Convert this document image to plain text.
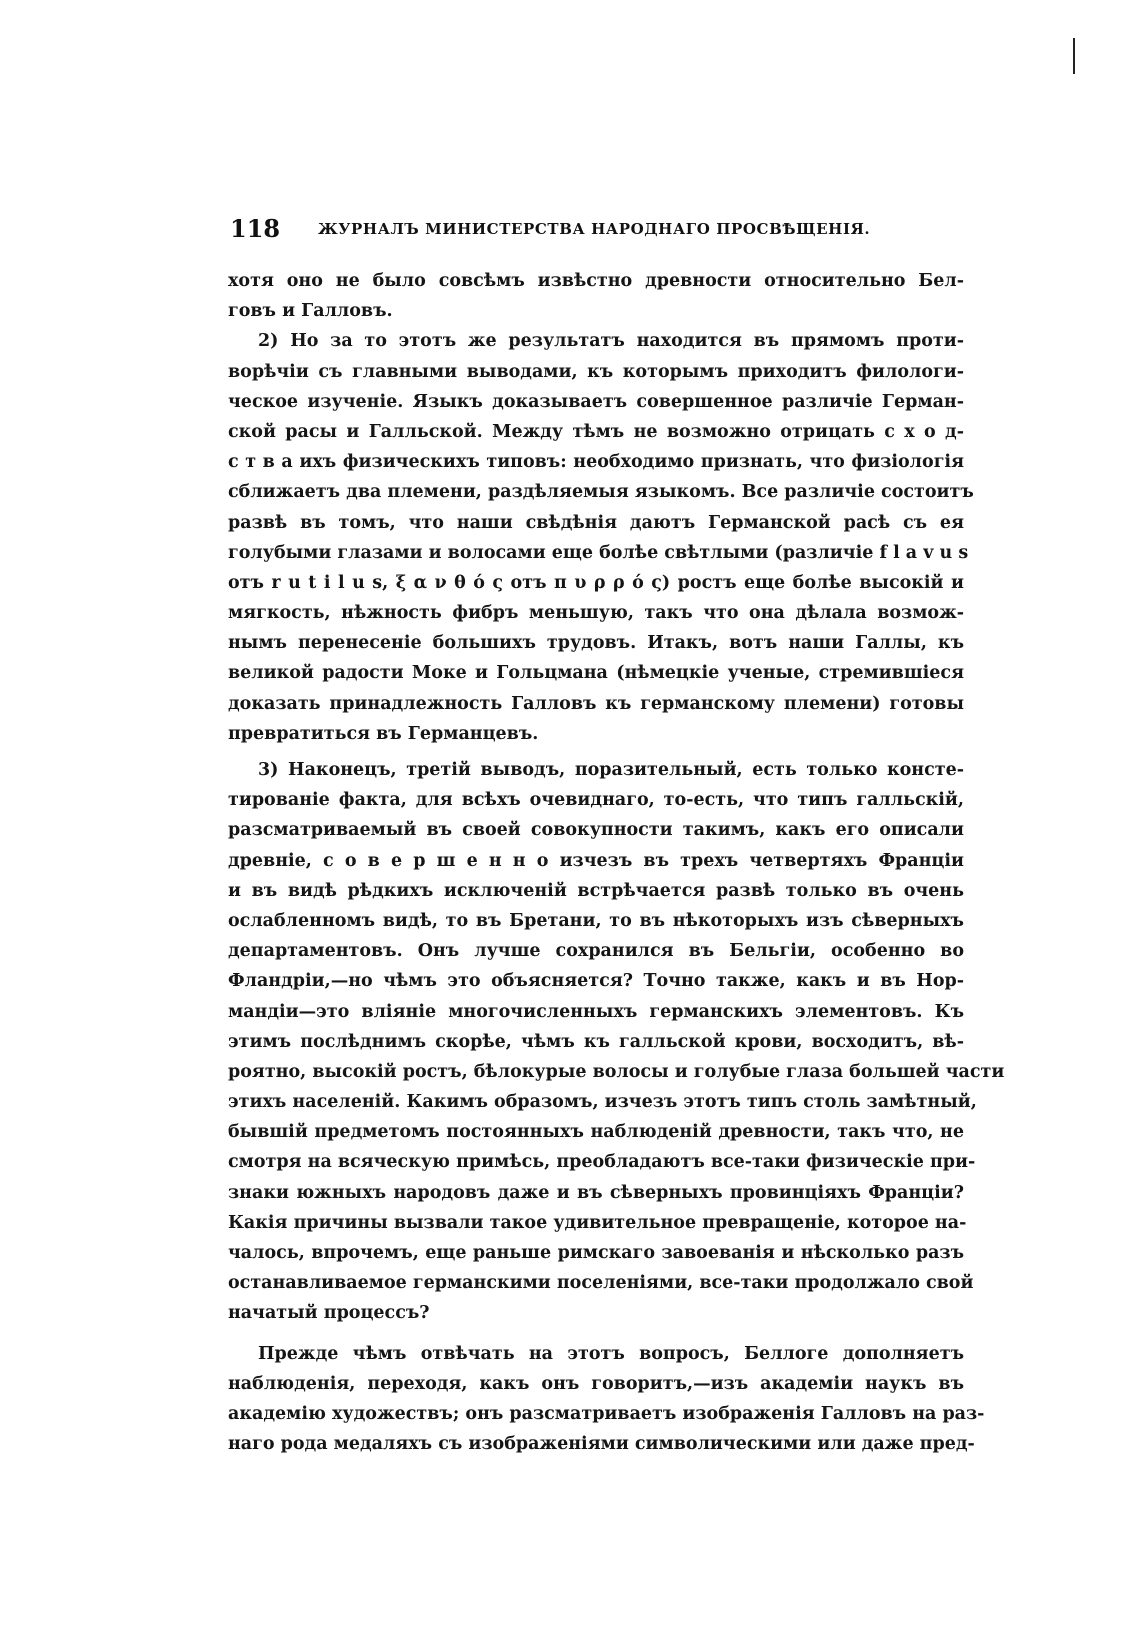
118	ЖУРНАЛЪ МИНИСТЕРСТВА НАРОДНАГО ПРОСВѢЩЕНІЯ.
хотя оно не было совсѣмъ извѣстно древности относительно Бел-
говъ и Галловъ.
2) Но за то этотъ же результатъ находится въ прямомъ проти-
ворѣчіи съ главными выводами, къ которымъ приходитъ филологи-
ческое изученіе. Языкъ доказываетъ совершенное различіе Герман-
ской расы и Галльской. Между тѣмъ не возможно отрицать с х о д-
с т в а ихъ физическихъ типовъ: необходимо признать, что физіологія
сближаетъ два племени, раздѣляемыя языкомъ. Все различіе состоитъ
развѣ въ томъ, что наши свѣдѣнія даютъ Германской расѣ съ ея
голубыми глазами и волосами еще болѣе свѣтлыми (различіе f l a v u s
отъ r u t i l u s, ξ α ν θ ό ς отъ π υ ρ ρ ό ς) ростъ еще болѣе высокій и
мягкость, нѣжность фибръ меньшую, такъ что она дѣлала возмож-
нымъ перенесеніе большихъ трудовъ. Итакъ, вотъ наши Галлы, къ
великой радости Моке и Гольцмана (нѣмецкіе ученые, стремившіеся
доказать принадлежность Галловъ къ германскому племени) готовы
превратиться въ Германцевъ.
3) Наконецъ, третій выводъ, поразительный, есть только консте-
тированіе факта, для всѣхъ очевиднаго, то-есть, что типъ галльскій,
разсматриваемый въ своей совокупности такимъ, какъ его описали
древніе, с о в е р ш е н н о изчезъ въ трехъ четвертяхъ Франціи
и въ видѣ рѣдкихъ исключеній встрѣчается развѣ только въ очень
ослабленномъ видѣ, то въ Бретани, то въ нѣкоторыхъ изъ сѣверныхъ
департаментовъ. Онъ лучше сохранился въ Бельгіи, особенно во
Фландріи,—но чѣмъ это объясняется? Точно также, какъ и въ Нор-
мандіи—это вліяніе многочисленныхъ германскихъ элементовъ. Къ
этимъ послѣднимъ скорѣе, чѣмъ къ галльской крови, восходитъ, вѣ-
роятно, высокій ростъ, бѣлокурые волосы и голубые глаза большей части
этихъ населеній. Какимъ образомъ, изчезъ этотъ типъ столь замѣтный,
бывшій предметомъ постоянныхъ наблюденій древности, такъ что, не
смотря на всяческую примѣсь, преобладаютъ все-таки физическіе при-
знаки южныхъ народовъ даже и въ сѣверныхъ провинціяхъ Франціи?
Какія причины вызвали такое удивительное превращеніе, которое на-
чалось, впрочемъ, еще раньше римскаго завоеванія и нѣсколько разъ
останавливаемое германскими поселеніями, все-таки продолжало свой
начатый процессъ?
Прежде чѣмъ отвѣчать на этотъ вопросъ, Беллоге дополняетъ
наблюденія, переходя, какъ онъ говоритъ,—изъ академіи наукъ въ
академію художествъ; онъ разсматриваетъ изображенія Галловъ на раз-
наго рода медаляхъ съ изображеніями символическими или даже пред-
